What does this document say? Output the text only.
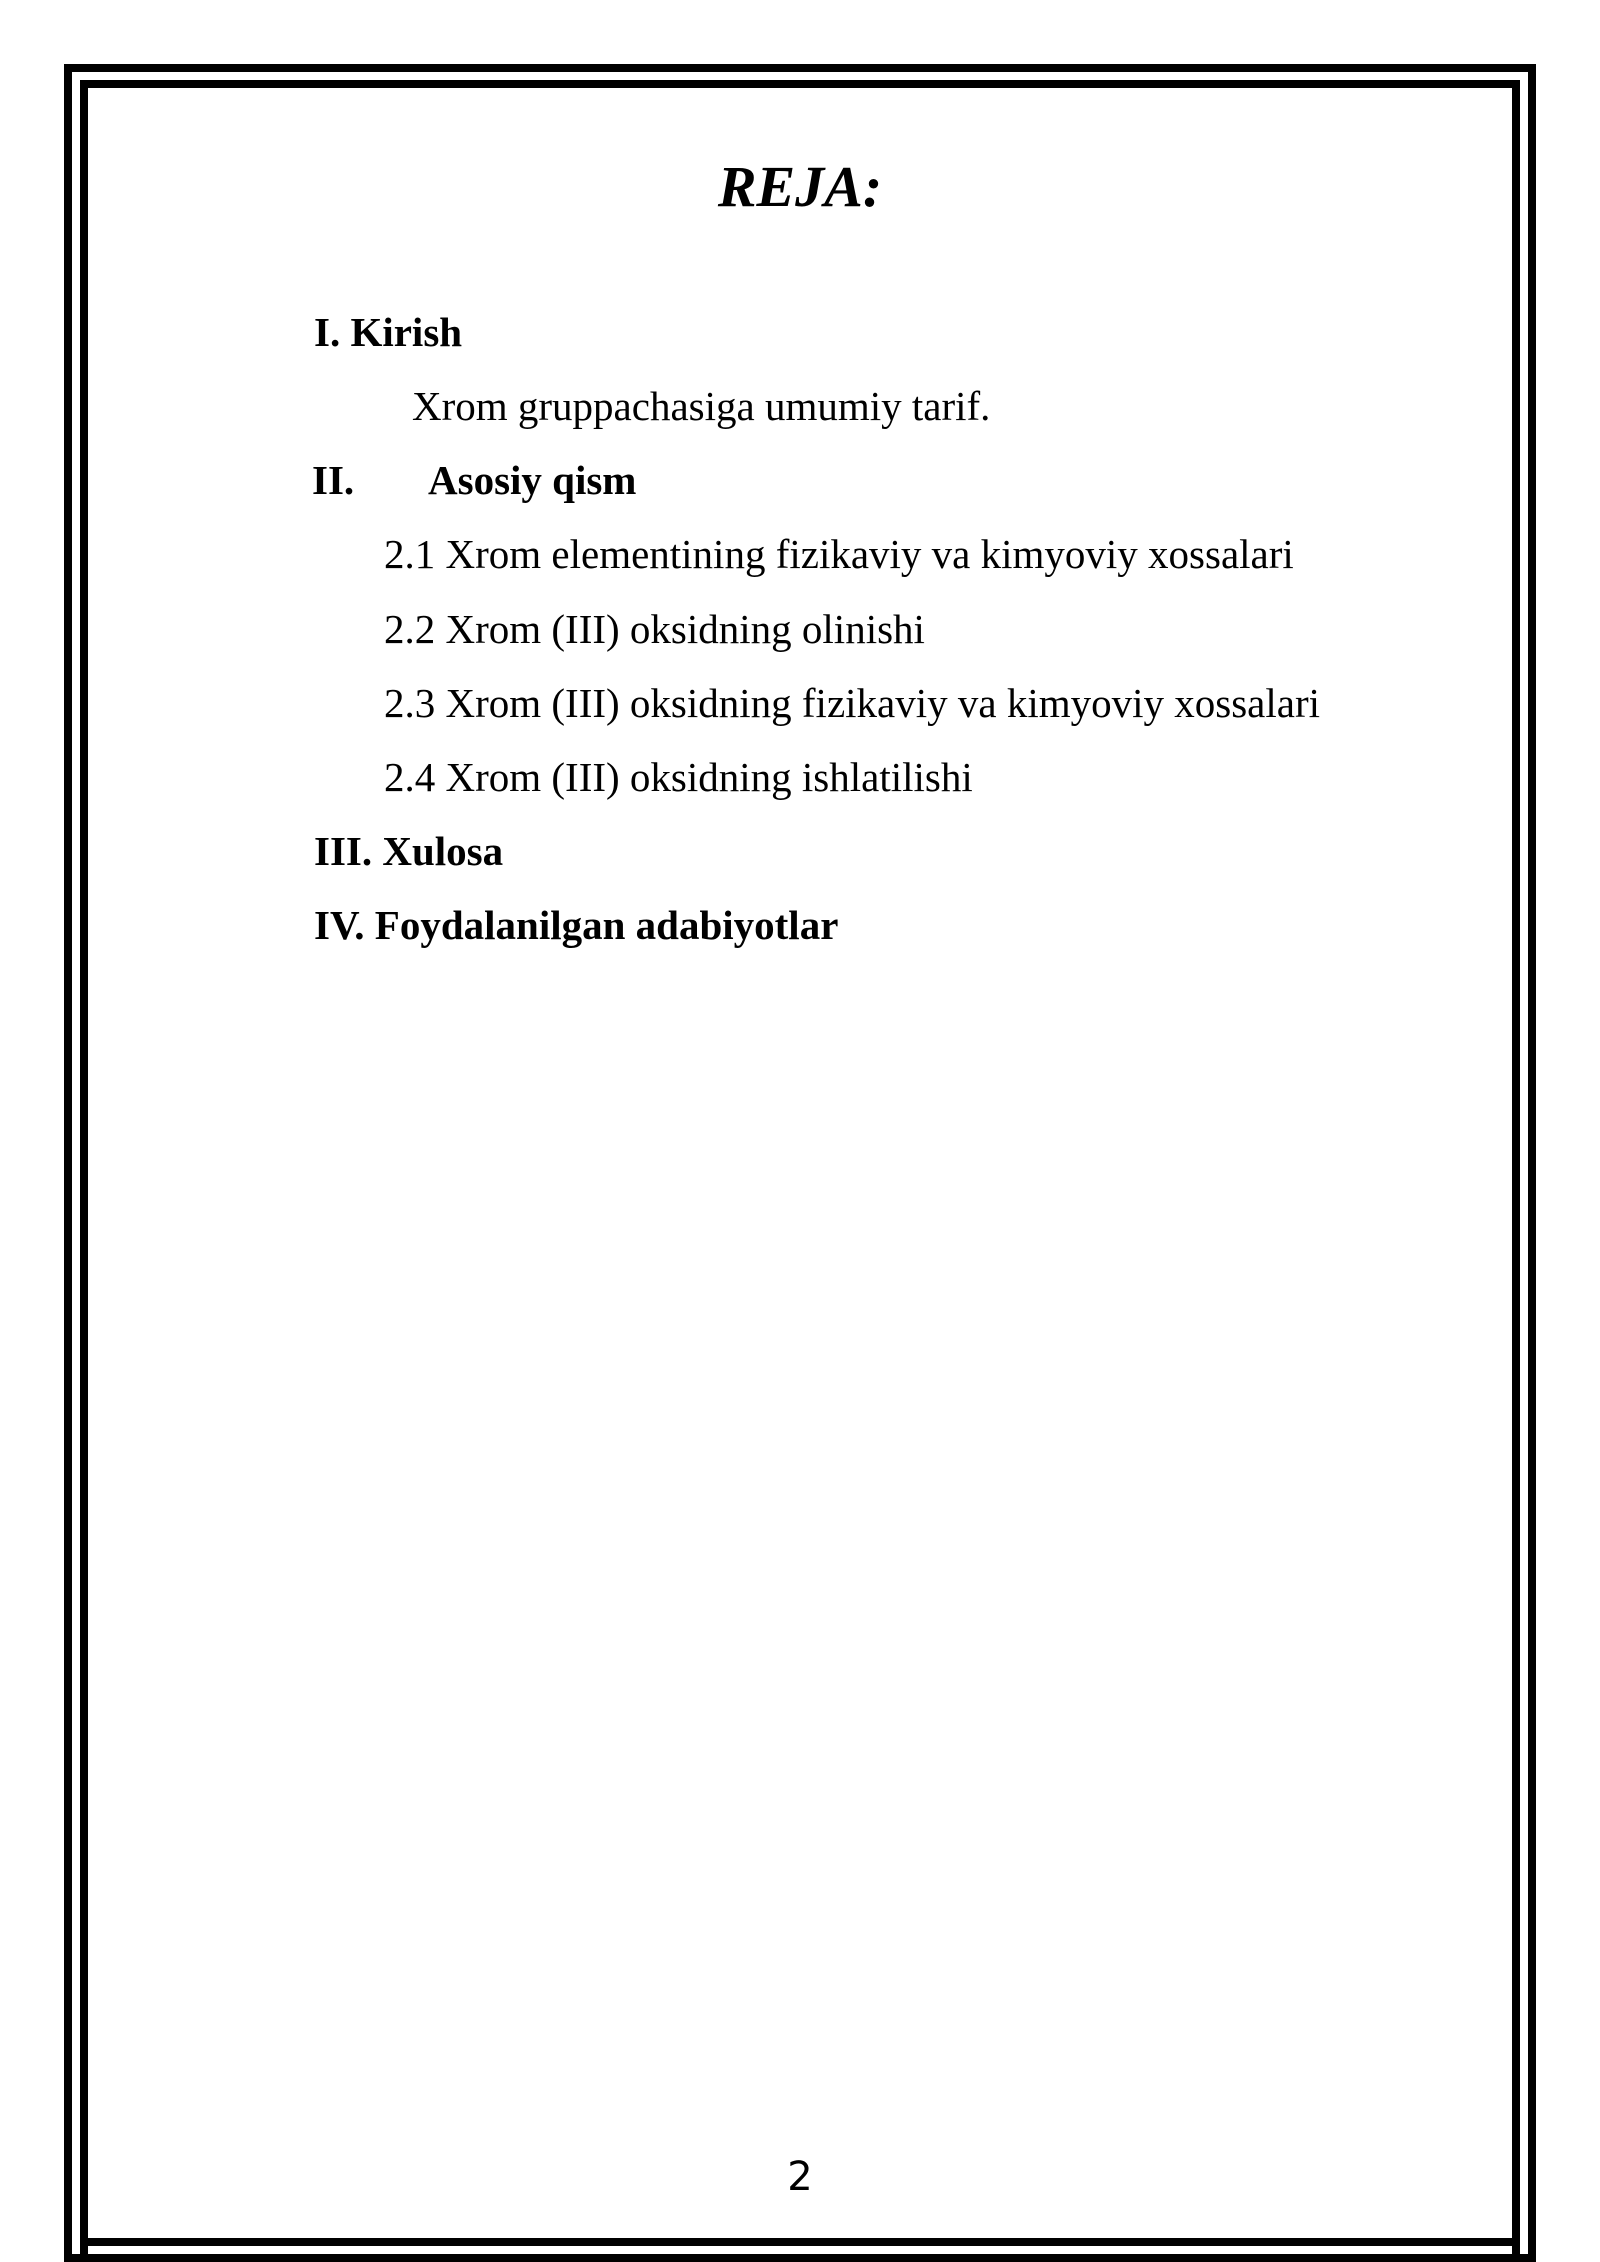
REJA:
I. Kirish
Xrom gruppachasiga umumiy tarif.
II. Asosiy qism
2.1 Xrom elementining fizikaviy va kimyoviy xossalari
2.2 Xrom (III) oksidning olinishi
2.3 Xrom (III) oksidning fizikaviy va kimyoviy xossalari
2.4 Xrom (III) oksidning ishlatilishi
III. Xulosa
IV. Foydalanilgan adabiyotlar
2
